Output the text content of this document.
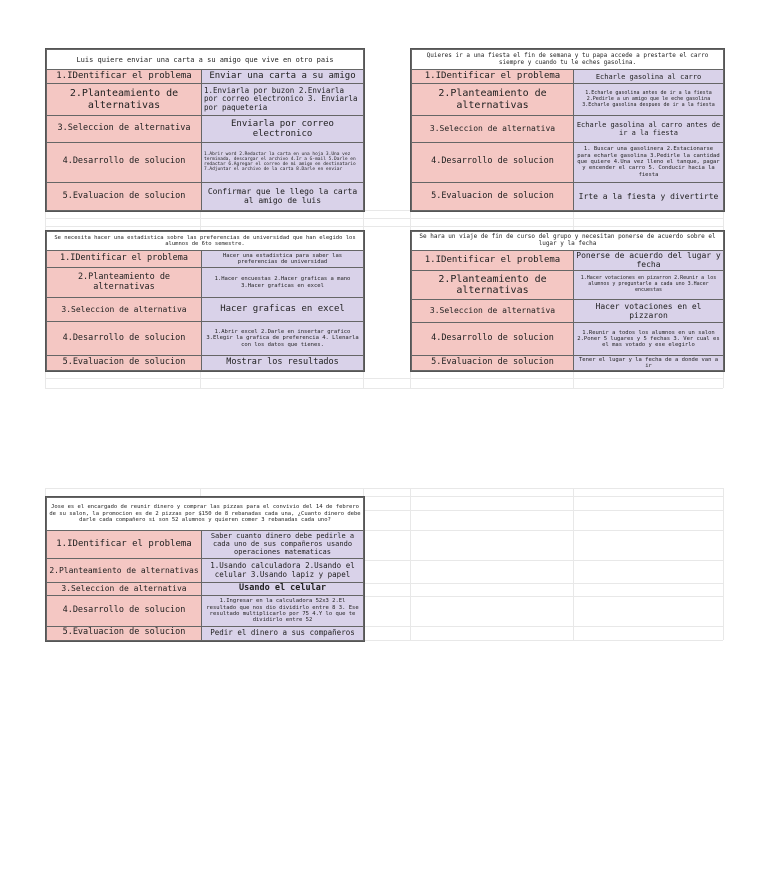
Luis quiere enviar una carta a su amigo que vive en otro pais	
1.IDentificar el problema	Enviar una carta a su amigo
2.Planteamiento de alternativas	1.Enviarla por buzon 2.Enviarla por correo electronico 3. Enviarla por paqueteria
3.Seleccion de alternativa	Enviarla por correo electronico
4.Desarrollo de solucion	1.Abrir word 2.Redactar la carta en una hoja 3.Una vez terminada, descargar el archivo 4.Ir a G-mail 5.Darle en redactar 6.Agregar el correo de mi amigo en destinatario 7.Adjuntar el archivo de la carta 8.Darle en enviar
5.Evaluacion de solucion	Confirmar que le llego la carta al amigo de luis
Quieres ir a una fiesta el fin de semana y tu papa accede a prestarte el carro siempre y cuando tu le eches gasolina.	
1.IDentificar el problema	Echarle gasolina al carro
2.Planteamiento de alternativas	1.Echarle gasolina antes de ir a la fiesta 2.Pedirle a un amigo que le eche gasolina 3.Echarle gasolina despues de ir a la fiesta
3.Seleccion de alternativa	Echarle gasolina al carro antes de ir a la fiesta
4.Desarrollo de solucion	1. Buscar una gasolinera 2.Estacionarse para echarle gasolina 3.Pedirle la cantidad que quiere 4.Una vez lleno el tanque, pagar y encender el carro 5. Conducir hacia la fiesta
5.Evaluacion de solucion	Irte a la fiesta y divertirte
Se necesita hacer una estadistica sobre las preferencias de universidad que han elegido los alumnos de 6to semestre.	
1.IDentificar el problema	Hacer una estadistica para saber las preferencias de universidad
2.Planteamiento de alternativas	1.Hacer encuestas 2.Hacer graficas a mano 3.Hacer graficas en excel
3.Seleccion de alternativa	Hacer graficas en excel
4.Desarrollo de solucion	1.Abrir excel 2.Darle en insertar grafico 3.Elegir la grafica de preferencia 4. Llenarla con los datos que tienes.
5.Evaluacion de solucion	Mostrar los resultados
Se hara un viaje de fin de curso del grupo y necesitan ponerse de acuerdo sobre el lugar y la fecha	
1.IDentificar el problema	Ponerse de acuerdo del lugar y fecha
2.Planteamiento de alternativas	1.Hacer votaciones en pizarron 2.Reunir a los alumnos y preguntarle a cada uno 3.Hacer encuestas
3.Seleccion de alternativa	Hacer votaciones en el pizzaron
4.Desarrollo de solucion	1.Reunir a todos los alumnos en un salon 2.Poner 5 lugares y 5 fechas 3. Ver cual es el mas votado y ese elegirlo
5.Evaluacion de solucion	Tener el lugar y la fecha de a donde van a ir
Jose es el encargado de reunir dinero y comprar las pizzas para el convivio del 14 de febrero de su salon, la promocion es de 2 pizzas por $150 de 8 rebanadas cada una, ¿Cuanto dinero debe darle cada compañero si son 52 alumnos y quieren comer 3 rebanadas cada uno?	
1.IDentificar el problema	Saber cuanto dinero debe pedirle a cada uno de sus compañeros usando operaciones matematicas
2.Planteamiento de alternativas	1.Usando calculadora 2.Usando el celular 3.Usando lapiz y papel
3.Seleccion de alternativa	Usando el celular
4.Desarrollo de solucion	1.Ingresar en la calculadora 52x3 2.El resultado que nos dio dividirlo entre 8 3. Ese resultado multiplicarlo por 75 4.Y lo que te dividirlo entre 52
5.Evaluacion de solucion	Pedir el dinero a sus compañeros
